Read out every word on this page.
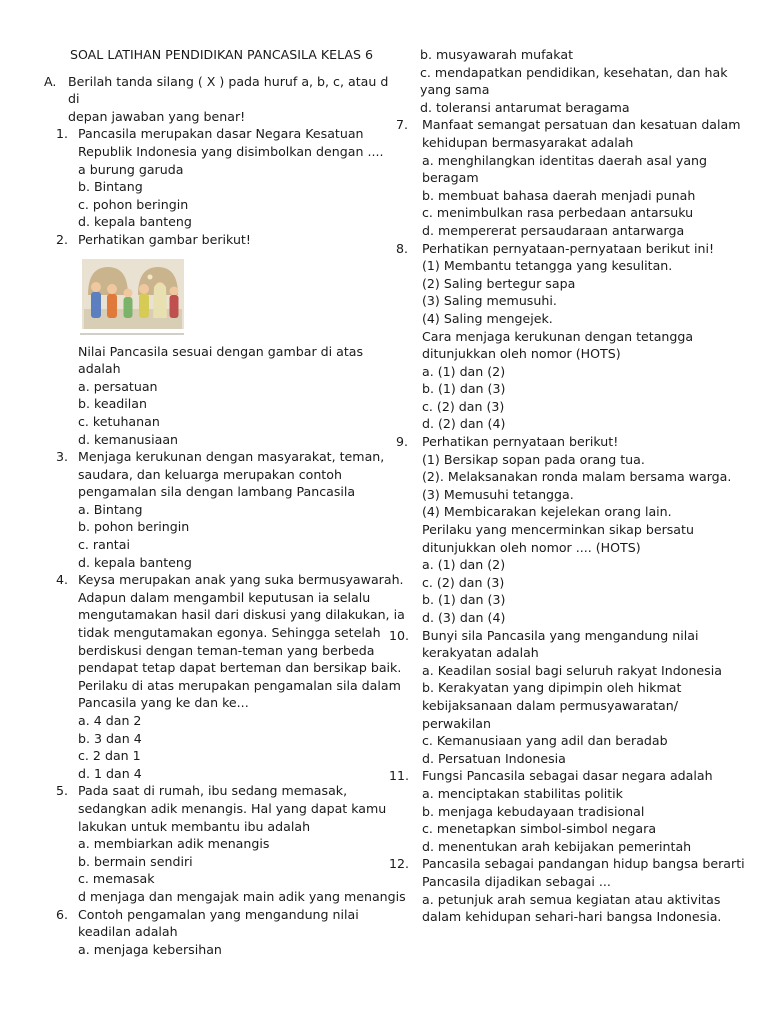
SOAL LATIHAN PENDIDIKAN PANCASILA KELAS 6
A. Berilah tanda silang ( X ) pada huruf a, b, c, atau d di
depan jawaban yang benar!
1. Pancasila merupakan dasar Negara Kesatuan
Republik Indonesia yang disimbolkan dengan ....
a burung garuda
b. Bintang
c. pohon beringin
d. kepala banteng
2. Perhatikan gambar berikut!
Nilai Pancasila sesuai dengan gambar di atas
adalah
a. persatuan
b. keadilan
c. ketuhanan
d. kemanusiaan
3. Menjaga kerukunan dengan masyarakat, teman,
saudara, dan keluarga merupakan contoh
pengamalan sila dengan lambang Pancasila
a. Bintang
b. pohon beringin
c. rantai
d. kepala banteng
4. Keysa merupakan anak yang suka bermusyawarah.
Adapun dalam mengambil keputusan ia selalu
mengutamakan hasil dari diskusi yang dilakukan, ia
tidak mengutamakan egonya. Sehingga setelah
berdiskusi dengan teman-teman yang berbeda
pendapat tetap dapat berteman dan bersikap baik.
Perilaku di atas merupakan pengamalan sila dalam
Pancasila yang ke dan ke...
a. 4 dan 2
b. 3 dan 4
c. 2 dan 1
d. 1 dan 4
5. Pada saat di rumah, ibu sedang memasak,
sedangkan adik menangis. Hal yang dapat kamu
lakukan untuk membantu ibu adalah
a. membiarkan adik menangis
b. bermain sendiri
c. memasak
d menjaga dan mengajak main adik yang menangis
6. Contoh pengamalan yang mengandung nilai
keadilan adalah
a. menjaga kebersihan
b. musyawarah mufakat
c. mendapatkan pendidikan, kesehatan, dan hak
yang sama
d. toleransi antarumat beragama
7. Manfaat semangat persatuan dan kesatuan dalam
kehidupan bermasyarakat adalah
a. menghilangkan identitas daerah asal yang
beragam
b. membuat bahasa daerah menjadi punah
c. menimbulkan rasa perbedaan antarsuku
d. mempererat persaudaraan antarwarga
8. Perhatikan pernyataan-pernyataan berikut ini!
(1) Membantu tetangga yang kesulitan.
(2) Saling bertegur sapa
(3) Saling memusuhi.
(4) Saling mengejek.
Cara menjaga kerukunan dengan tetangga
ditunjukkan oleh nomor (HOTS)
a. (1) dan (2)
b. (1) dan (3)
c. (2) dan (3)
d. (2) dan (4)
9. Perhatikan pernyataan berikut!
(1) Bersikap sopan pada orang tua.
(2). Melaksanakan ronda malam bersama warga.
(3) Memusuhi tetangga.
(4) Membicarakan kejelekan orang lain.
Perilaku yang mencerminkan sikap bersatu
ditunjukkan oleh nomor .... (HOTS)
a. (1) dan (2)
c. (2) dan (3)
b. (1) dan (3)
d. (3) dan (4)
10. Bunyi sila Pancasila yang mengandung nilai
kerakyatan adalah
a. Keadilan sosial bagi seluruh rakyat Indonesia
b. Kerakyatan yang dipimpin oleh hikmat
kebijaksanaan dalam permusyawaratan/
perwakilan
c. Kemanusiaan yang adil dan beradab
d. Persatuan Indonesia
11. Fungsi Pancasila sebagai dasar negara adalah
a. menciptakan stabilitas politik
b. menjaga kebudayaan tradisional
c. menetapkan simbol-simbol negara
d. menentukan arah kebijakan pemerintah
12. Pancasila sebagai pandangan hidup bangsa berarti
Pancasila dijadikan sebagai ...
a. petunjuk arah semua kegiatan atau aktivitas
dalam kehidupan sehari-hari bangsa Indonesia.
